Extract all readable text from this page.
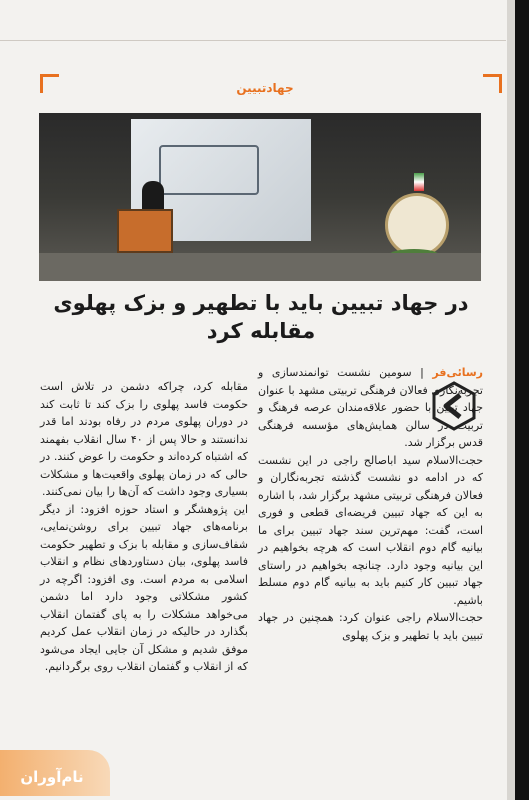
جهادتبیین
در جهاد تبیین باید با تطهیر و بزک پهلوی مقابله کرد

رسائی‌فر | سومین نشست توانمندسازی و تجربه‌نگاری فعالان فرهنگی تربیتی مشهد با عنوان جهاد تبیین با حضور علاقه‌مندان عرصه فرهنگ و تربیت در سالن همایش‌های مؤسسه فرهنگی قدس برگزار شد.

حجت‌الاسلام سید اباصالح راجی در این نشست که در ادامه دو نشست گذشته تجربه‌نگاران و فعالان فرهنگی تربیتی مشهد برگزار شد، با اشاره به این که جهاد تبیین فریضه‌ای قطعی و فوری است، گفت: مهم‌ترین سند جهاد تبیین برای ما بیانیه گام دوم انقلاب است که هرچه بخواهیم در این بیانیه وجود دارد. چنانچه بخواهیم در راستای جهاد تبیین کار کنیم باید به بیانیه گام دوم مسلط باشیم.

حجت‌الاسلام راجی عنوان کرد: همچنین در جهاد تبیین باید با تطهیر و بزک پهلوی

مقابله کرد، چراکه دشمن در تلاش است حکومت فاسد پهلوی را بزک کند تا ثابت کند در دوران پهلوی مردم در رفاه بودند اما قدر ندانستند و حالا پس از ۴۰ سال انقلاب بفهمند که اشتباه کرده‌اند و حکومت را عوض کنند. در حالی که در زمان پهلوی واقعیت‌ها و مشکلات بسیاری وجود داشت که آن‌ها را بیان نمی‌کنند.

این پژوهشگر و استاد حوزه افزود: از دیگر برنامه‌های جهاد تبیین برای روشن‌نمایی، شفاف‌سازی و مقابله با بزک و تطهیر حکومت فاسد پهلوی، بیان دستاوردهای نظام و انقلاب اسلامی به مردم است. وی افزود: اگرچه در کشور مشکلاتی وجود دارد اما دشمن می‌خواهد مشکلات را به پای گفتمان انقلاب بگذارد در حالیکه در زمان انقلاب عمل کردیم موفق شدیم و مشکل آن جایی ایجاد می‌شود که از انقلاب و گفتمان انقلاب روی برگردانیم.

نام‌آوران
